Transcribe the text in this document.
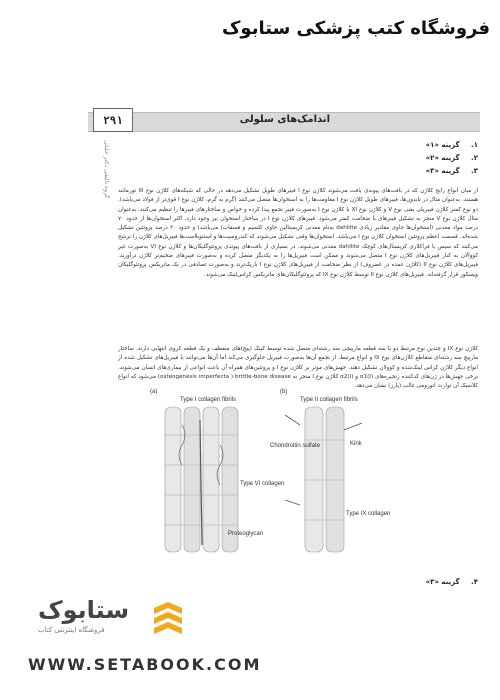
فروشگاه کتب پزشکی ستابوک
اندامک‌های سلولی
۲۹۱
گروه تالیفی دکتر خلیلی	۱. گزینه «۱»
۲. گزینه «۲»
۳. گزینه «۳»
از میان انواع رایج کلاژن که در بافت‌های پیوندی یافت می‌شوند کلاژن نوع I فیبرهای طویل تشکیل می‌دهد در حالی که شبکه‌های کلاژن نوع III تورمانند هستند. به‌عنوان مثال در تاندون‌ها، فیبرهای طویل کلاژن نوع I مقاومت‌ها را به استخوان‌ها متصل می‌کنند (گرم به گرم، کلاژن نوع I قوی‌تر از فولاد می‌باشد). دو نوع کمتر کلاژن فیبریلی یعنی نوع V و کلاژن نوع XI با کلاژن نوع I به‌صورت فیبر تجمع پیدا کرده و خواص و ساختارهای فیبرها را تنظیم می‌کنند. به‌عنوان مثال کلاژن نوع V منجر به تشکیل فیبرهای با ضخامت کمتر می‌شود. فیبرهای کلاژن نوع I در ساختار استخوان نیز وجود دارد. اکثر استخوان‌ها از حدود ۷۰ درصد مواد معدنی (استخوان‌ها حاوی مقادیر زیادی dahllite به‌نام معدنی کریستالین حاوی کلسیم و فسفات) می‌باشد) و حدود ۳۰ درصد پروتئین تشکیل شده‌اند. قسمت اعظم پروتئین استخوان کلاژن نوع I می‌باشد. استخوان‌ها وقتی تشکیل می‌شوند که کندروسیت‌ها و استئوبلاست‌ها فیبریل‌های کلاژن را ترشح می‌کنند که سپس با فراکلازی کریستال‌های کوچک dahllite معدنی می‌شوند. در بسیاری از بافت‌های پیوندی پروتئوگلیکان‌ها و کلاژن نوع VI به‌صورت غیر کووالان به کنار فیبریل‌های کلاژن نوع I متصل می‌شوند و ممکن است فیبریل‌ها را به یکدیگر متصل کرده و به‌صورت فیبرهای ضخیم‌تر کلاژن درآورند. فیبریل‌های کلاژن نوع II (کلاژن عمده در غضروف) از نظر ضخامت از فیبریل‌های کلاژن نوع I باریک‌ترند و به‌صورت تصادفی در یک ماتریکس پروتئوگلیکان ویسکوز قرار گرفته‌اند. فیبریل‌های کلاژن نوع II توسط کلاژن نوع IX که پروتئوگلیکان‌های ماتریکس کراس‌لینک می‌شوند.
کلاژن نوع IX و چندین نوع مرتبط دو یا سه قطعه مارپیچی سه رشته‌ای متصل شده توسط کینک (پیچ)های منعطف و یک قطعه کروی انتهایی دارند. ساختار مارپیچ سه رشته‌ای متقاطع کلاژن‌های نوع IX و انواع مرتبط، از تجمع آن‌ها به‌صورت فیبریل جلوگیری می‌کند اما آن‌ها می‌توانند با فیبریل‌های تشکیل شده از انواع دیگر کلاژن کراس لینک‌شده و کوولان تشکیل دهند. جهش‌های موثر بر کلاژن نوع I و پروتئین‌های همراه آن باعث انواعی از بیماری‌های انسان می‌شوند. برخی جهش‌ها در ژن‌های کدکننده زنجیره‌های α1(I) و α2(I) کلاژن نوع I منجر به osteogenesis imperfecta ) brittle-bone disease) می‌شود که انواع کلاسیک آن توارث اتوزومی غالب (بارز) نشان می‌دهد.
(a)	(b)
Type I collagen fibrils	Type II collagen fibrils
Type VI collagen
Proteoglycan
Chondroitin sulfate	Kink
Type IX collagen
۴. گزینه «۳»
ستابوک
فروشگاه اینترنتی کتاب
WWW.SETABOOK.COM
